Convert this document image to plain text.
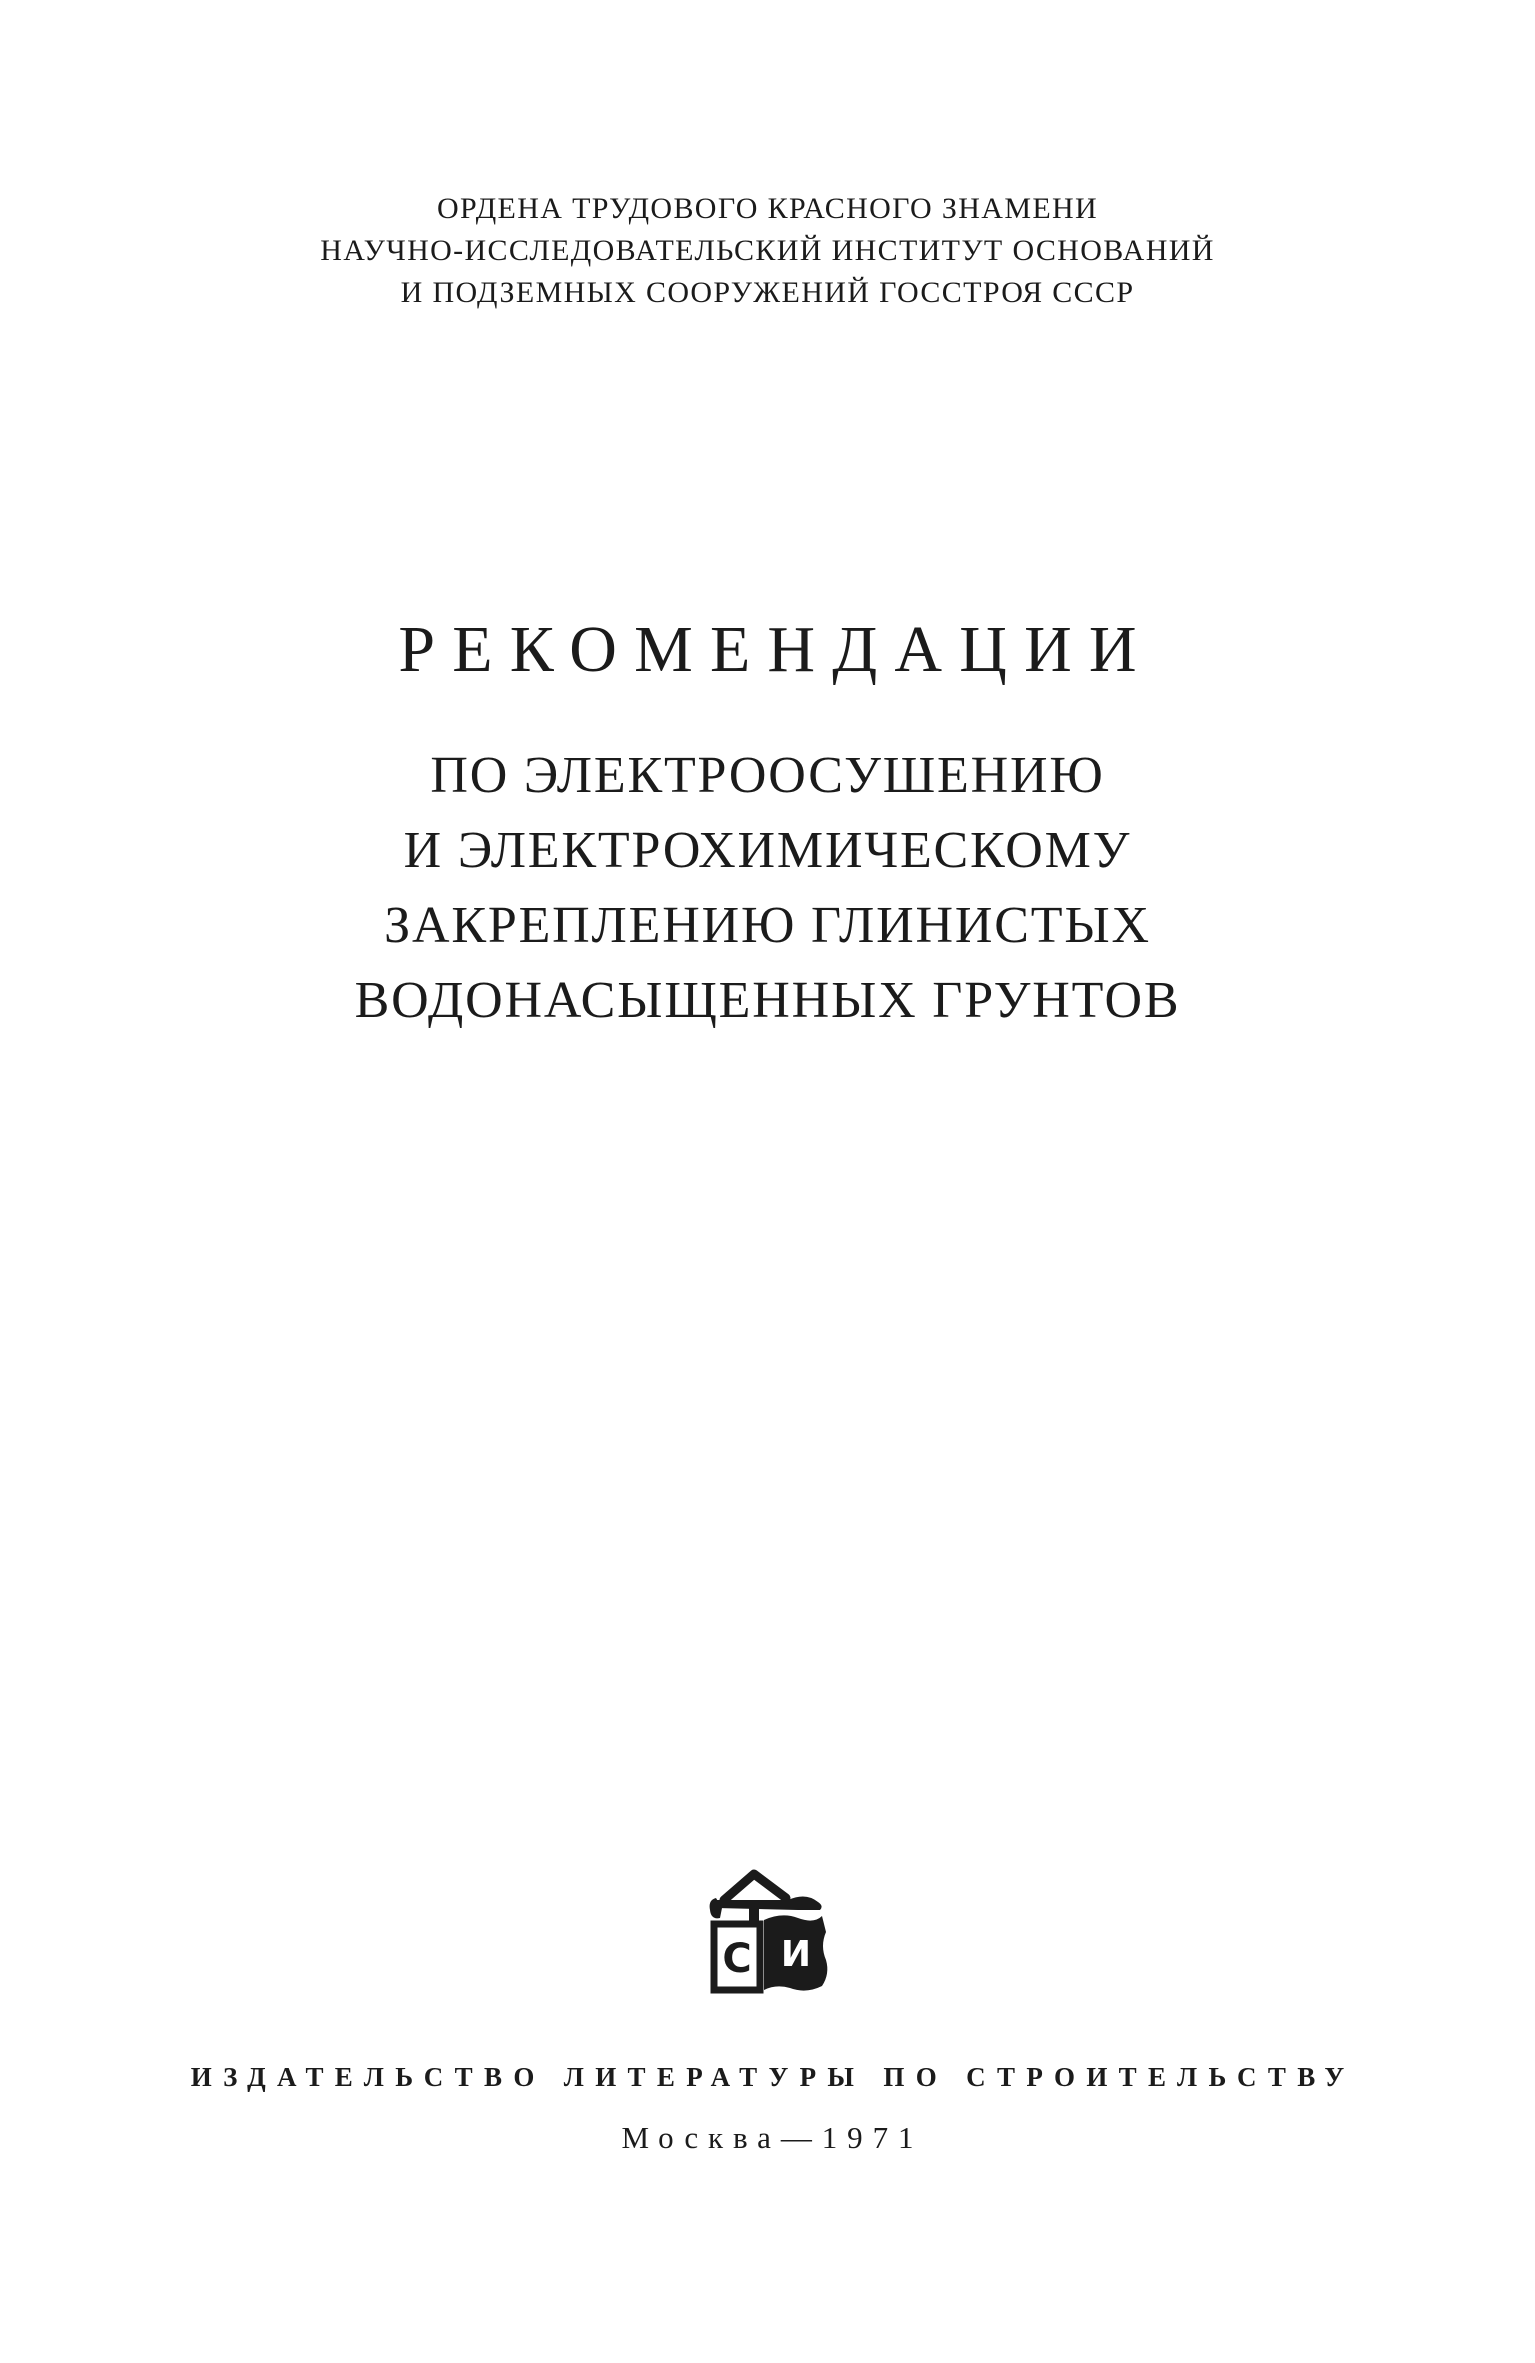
ОРДЕНА ТРУДОВОГО КРАСНОГО ЗНАМЕНИ
НАУЧНО-ИССЛЕДОВАТЕЛЬСКИЙ ИНСТИТУТ ОСНОВАНИЙ
И ПОДЗЕМНЫХ СООРУЖЕНИЙ ГОССТРОЯ СССР
РЕКОМЕНДАЦИИ
ПО ЭЛЕКТРООСУШЕНИЮ
И ЭЛЕКТРОХИМИЧЕСКОМУ
ЗАКРЕПЛЕНИЮ ГЛИНИСТЫХ
ВОДОНАСЫЩЕННЫХ ГРУНТОВ
С И
ИЗДАТЕЛЬСТВО ЛИТЕРАТУРЫ ПО СТРОИТЕЛЬСТВУ
Москва—1971
